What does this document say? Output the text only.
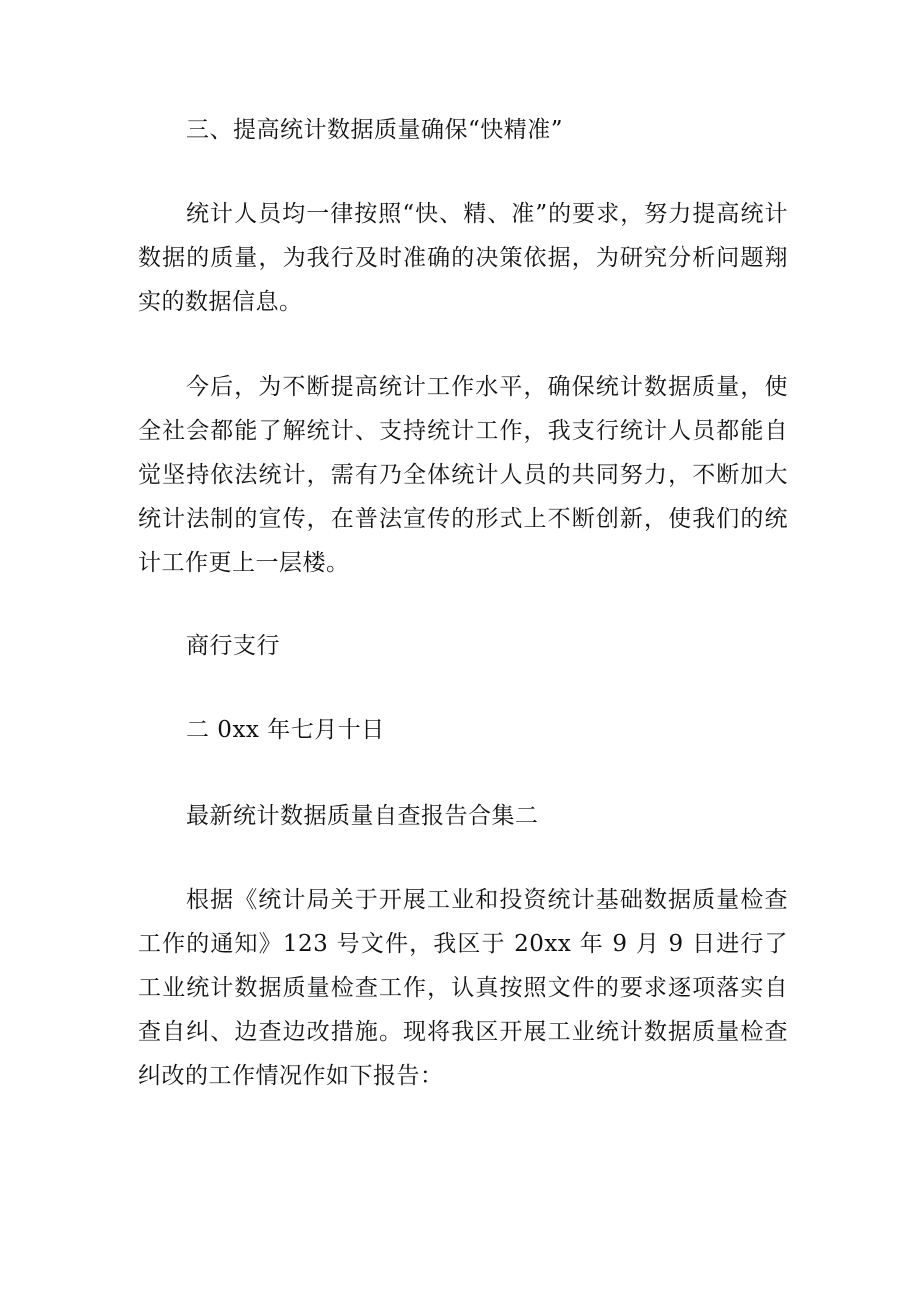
三、提高统计数据质量确保“快精准”

统计人员均一律按照“快、精、准”的要求，努力提高统计数据的质量，为我行及时准确的决策依据，为研究分析问题翔实的数据信息。

今后，为不断提高统计工作水平，确保统计数据质量，使全社会都能了解统计、支持统计工作，我支行统计人员都能自觉坚持依法统计，需有乃全体统计人员的共同努力，不断加大统计法制的宣传，在普法宣传的形式上不断创新，使我们的统计工作更上一层楼。

商行支行

二 0xx 年七月十日

最新统计数据质量自查报告合集二

根据《统计局关于开展工业和投资统计基础数据质量检查工作的通知》123 号文件，我区于 20xx 年 9 月 9 日进行了工业统计数据质量检查工作，认真按照文件的要求逐项落实自查自纠、边查边改措施。现将我区开展工业统计数据质量检查纠改的工作情况作如下报告：
